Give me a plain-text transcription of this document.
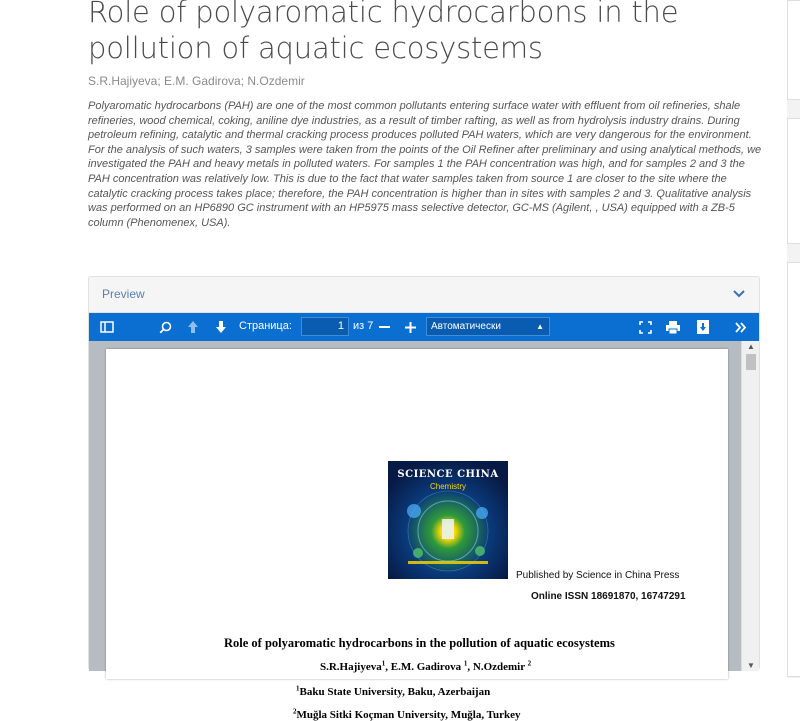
Role of polyaromatic hydrocarbons in the pollution of aquatic ecosystems
S.R.Hajiyeva; E.M. Gadirova; N.Ozdemir

Polyaromatic hydrocarbons (PAH) are one of the most common pollutants entering surface water with effluent from oil refineries, shale refineries, wood chemical, coking, aniline dye industries, as a result of timber rafting, as well as from hydrolysis industry drains. During petroleum refining, catalytic and thermal cracking process produces polluted PAH waters, which are very dangerous for the environment. For the analysis of such waters, 3 samples were taken from the points of the Oil Refiner after preliminary and using analytical methods, we investigated the PAH and heavy metals in polluted waters. For samples 1 the PAH concentration was high, and for samples 2 and 3 the PAH concentration was relatively low. This is due to the fact that water samples taken from source 1 are closer to the site where the catalytic cracking process takes place; therefore, the PAH concentration is higher than in sites with samples 2 and 3. Qualitative analysis was performed on an HP6890 GC instrument with an HP5975 mass selective detector, GC-MS (Agilent, , USA) equipped with a ZB-5 column (Phenomenex, USA).

Preview
Страница:	1 из 7	Автоматически	▲

SCIENCE CHINA
Chemistry
Published by Science in China Press
Online ISSN 18691870, 16747291
Role of polyaromatic hydrocarbons in the pollution of aquatic ecosystems
S.R.Hajiyeva$^1$, E.M. Gadirova $^1$, N.Ozdemir $^2$
$^1$Baku State University, Baku, Azerbaijan
$^2$Muğla Sitki Koçman University, Muğla, Turkey
▲
▼
